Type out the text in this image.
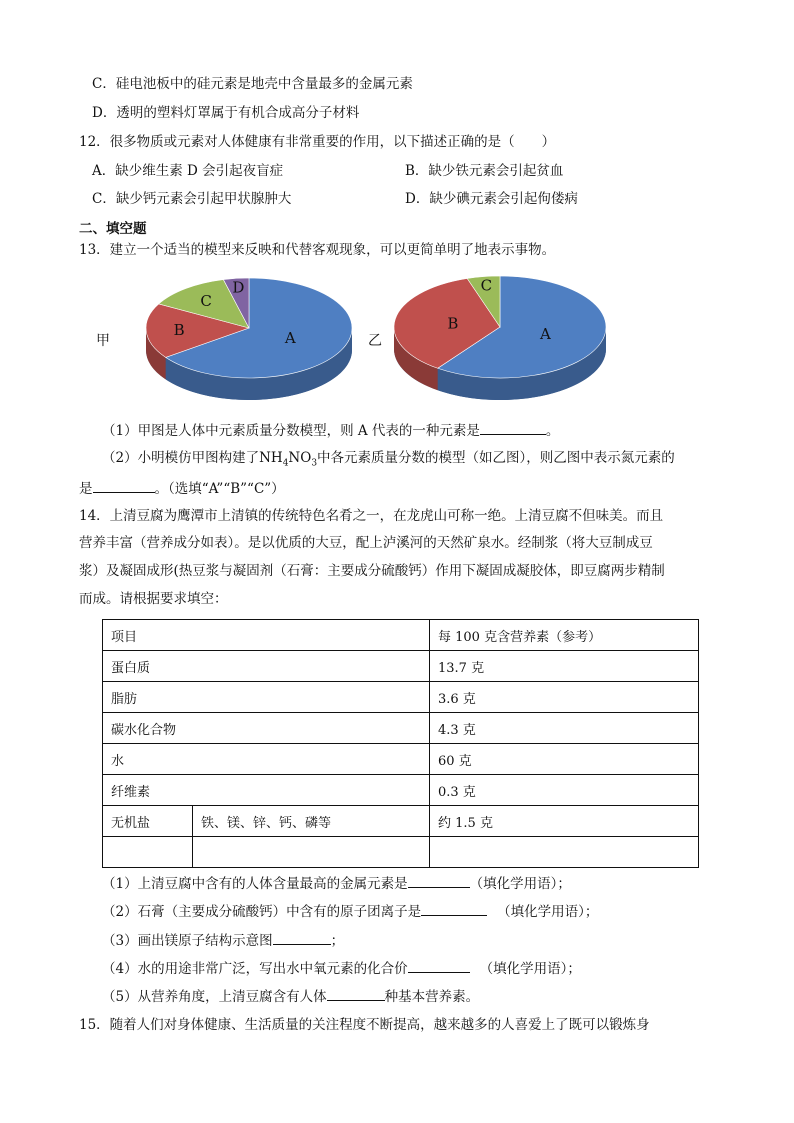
C．硅电池板中的硅元素是地壳中含量最多的金属元素
D．透明的塑料灯罩属于有机合成高分子材料
12．很多物质或元素对人体健康有非常重要的作用，以下描述正确的是（　　）
A．缺少维生素 D 会引起夜盲症	B．缺少铁元素会引起贫血
C．缺少钙元素会引起甲状腺肿大	D．缺少碘元素会引起佝偻病
二、填空题
13．建立一个适当的模型来反映和代替客观现象，可以更简单明了地表示事物。
甲	A
B
C
D
乙	A
B
C
（1）甲图是人体中元素质量分数模型，则 A 代表的一种元素是	。
（2）小明模仿甲图构建了$NH_4NO_3$中各元素质量分数的模型（如乙图），则乙图中表示氮元素的
是	。（选填“A”“B”“C”）
14．上清豆腐为鹰潭市上清镇的传统特色名肴之一，在龙虎山可称一绝。上清豆腐不但味美。而且
营养丰富（营养成分如表）。是以优质的大豆，配上泸溪河的天然矿泉水。经制浆（将大豆制成豆
浆）及凝固成形(热豆浆与凝固剂（石膏：主要成分硫酸钙）作用下凝固成凝胶体，即豆腐两步精制
而成。请根据要求填空：
项目		每 100 克含营养素（参考）
蛋白质		13.7 克
脂肪		3.6 克
碳水化合物		4.3 克
水		60 克
纤维素		0.3 克
无机盐	铁、镁、锌、钙、磷等	约 1.5 克

（1）上清豆腐中含有的人体含量最高的金属元素是	（填化学用语）；
（2）石膏（主要成分硫酸钙）中含有的原子团离子是	（填化学用语）；
（3）画出镁原子结构示意图	；
（4）水的用途非常广泛，写出水中氧元素的化合价	（填化学用语）；
（5）从营养角度，上清豆腐含有人体	种基本营养素。
15．随着人们对身体健康、生活质量的关注程度不断提高，越来越多的人喜爱上了既可以锻炼身
